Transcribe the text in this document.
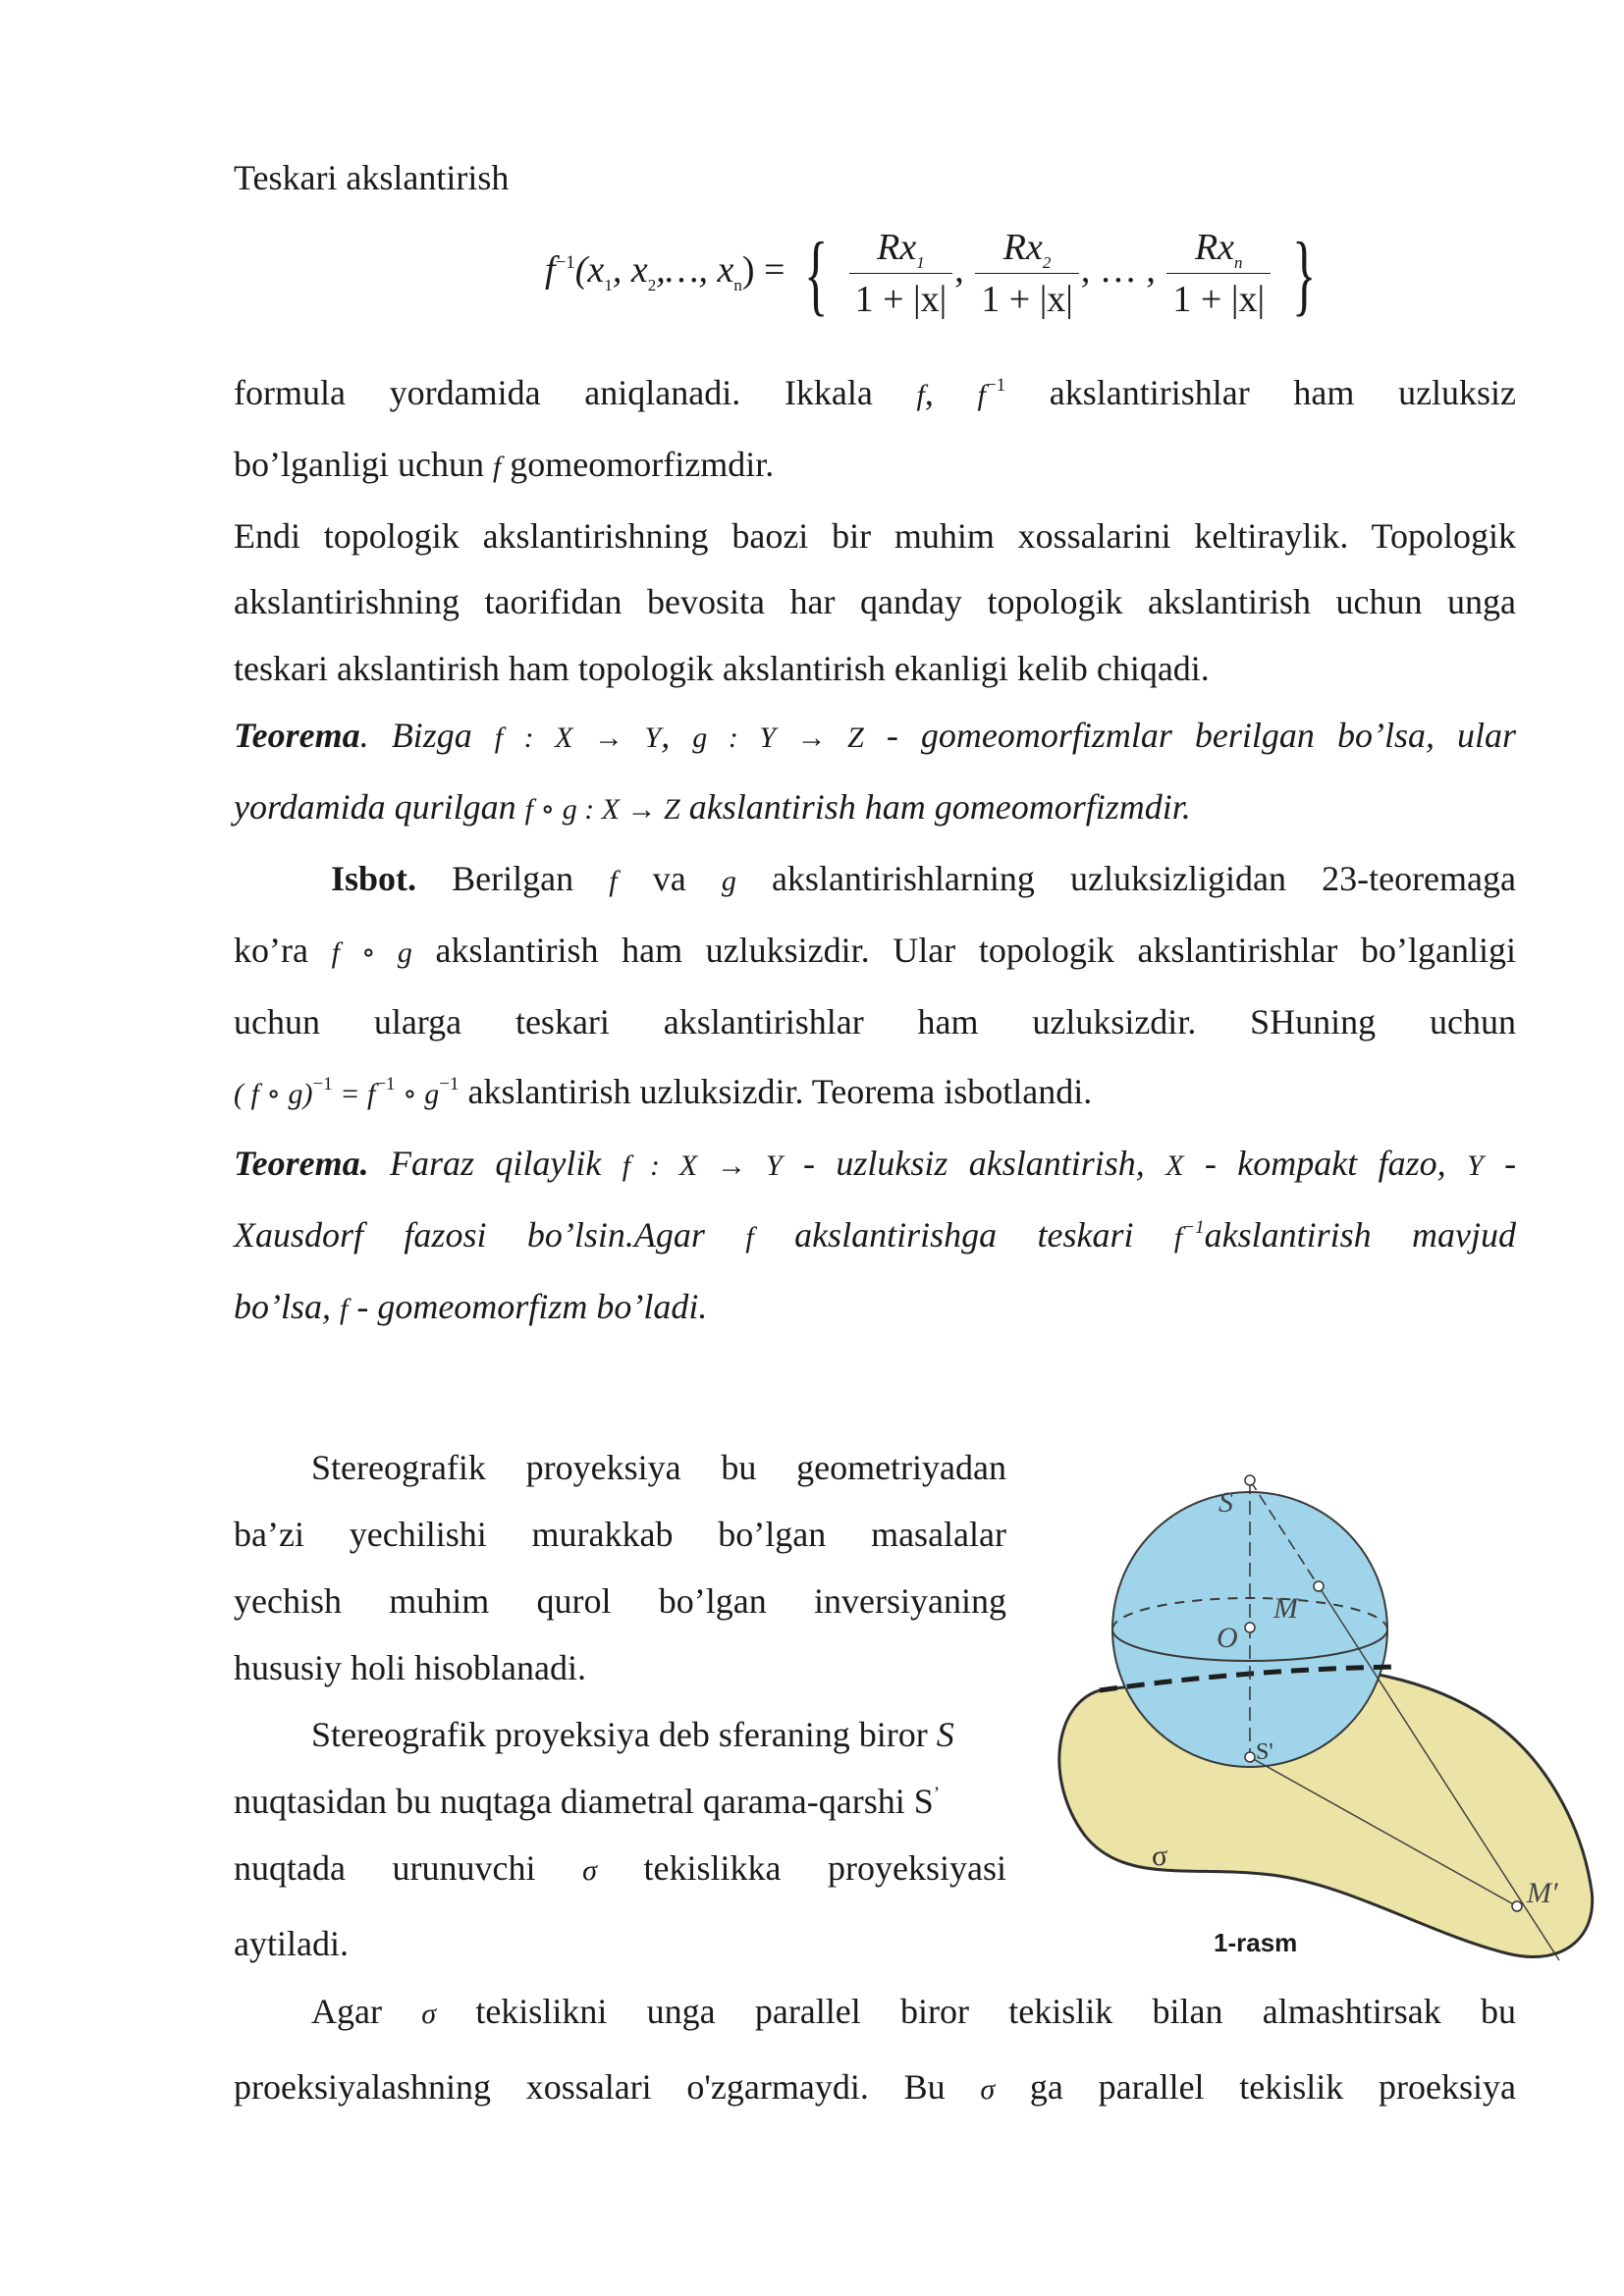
Teskari akslantirish
$f^{-1}(x_1$, $x_2,\dots$, $x_n$) = { $\frac{Rx_1}{1 + |x|}$ , $\frac{Rx_2}{1 + |x|}$ , … , $\frac{Rx_n}{1 + |x|}$ }
formula yordamida aniqlanadi. Ikkala f, $f^{-1}$ akslantirishlar ham uzluksiz
bo’lganligi uchun f gomeomorfizmdir.
Endi topologik akslantirishning baozi bir muhim xossalarini keltiraylik. Topologik
akslantirishning taorifidan bevosita har qanday topologik akslantirish uchun unga
teskari akslantirish ham topologik akslantirish ekanligi kelib chiqadi.
Teorema. Bizga f : X → Y, g : Y → Z - gomeomorfizmlar berilgan bo’lsa, ular
yordamida qurilgan f ∘ g : X → Z akslantirish ham gomeomorfizmdir.
Isbot. Berilgan f va g akslantirishlarning uzluksizligidan 23-teoremaga
ko’ra f ∘ g akslantirish ham uzluksizdir. Ular topologik akslantirishlar bo’lganligi
uchun ularga teskari akslantirishlar ham uzluksizdir. SHuning uchun
( f ∘ $g)^{-1} = f^{-1}$ ∘ $g^{-1}$ akslantirish uzluksizdir. Teorema isbotlandi.
Teorema. Faraz qilaylik f : X → Y - uzluksiz akslantirish, X - kompakt fazo, Y -
Xausdorf fazosi bo’lsin.Agar f akslantirishga teskari $f^{-1}akslantirish$ mavjud
bo’lsa, f - gomeomorfizm bo’ladi.
Stereografik proyeksiya bu geometriyadan
ba’zi yechilishi murakkab bo’lgan masalalar
yechish muhim qurol bo’lgan inversiyaning
hususiy holi hisoblanadi.
Stereografik proyeksiya deb sferaning biror S
nuqtasidan bu nuqtaga diametral qarama-qarshi S’
nuqtada urunuvchi σ tekislikka proyeksiyasi
aytiladi.
S
M
O
S'
σ
M′
1-rasm
Agar σ tekislikni unga parallel biror tekislik bilan almashtirsak bu
proeksiyalashning xossalari o'zgarmaydi. Bu σ ga parallel tekislik proeksiya
